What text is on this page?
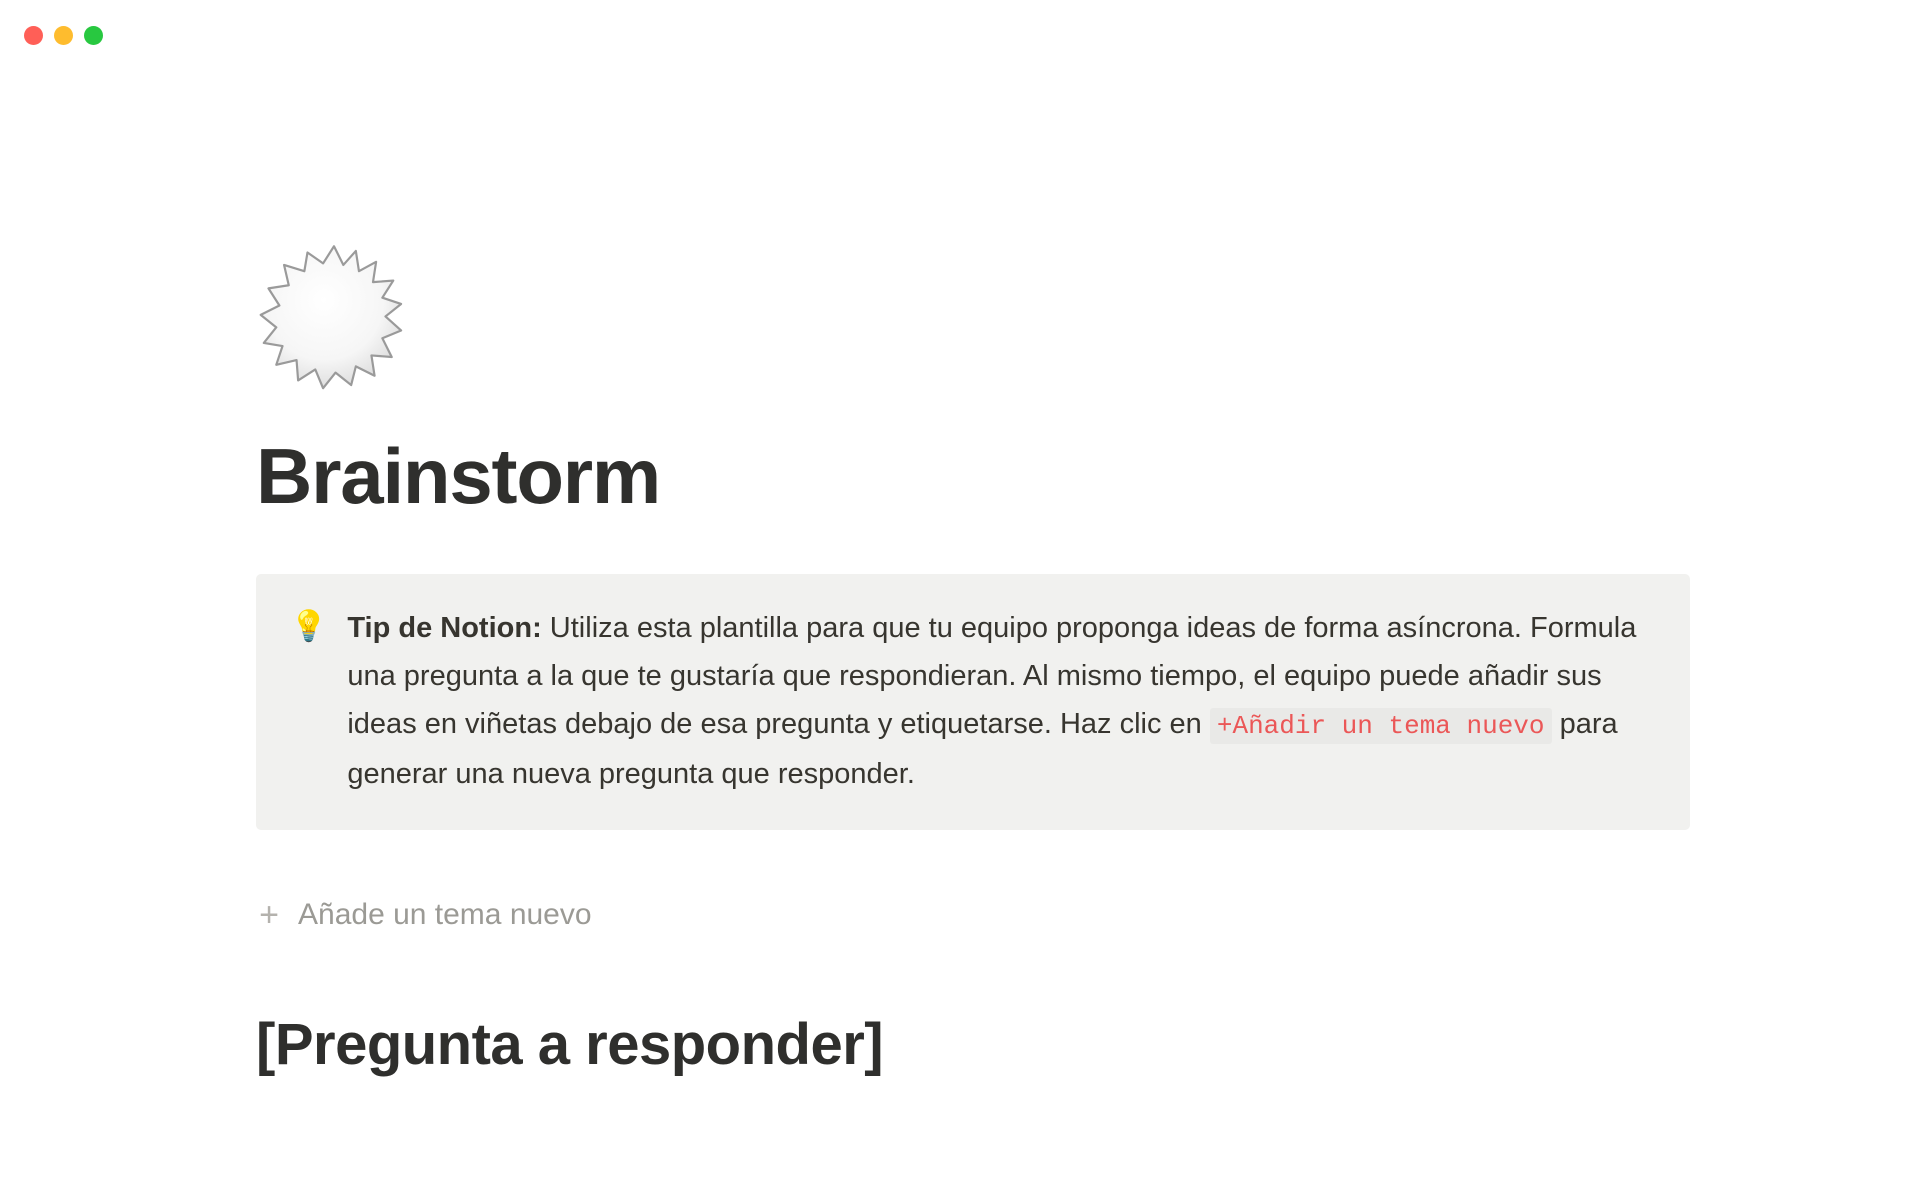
Brainstorm
💡 Tip de Notion: Utiliza esta plantilla para que tu equipo proponga ideas de forma asíncrona. Formula una pregunta a la que te gustaría que respondieran. Al mismo tiempo, el equipo puede añadir sus ideas en viñetas debajo de esa pregunta y etiquetarse. Haz clic en +Añadir un tema nuevo para generar una nueva pregunta que responder.
+ Añade un tema nuevo
[Pregunta a responder]
